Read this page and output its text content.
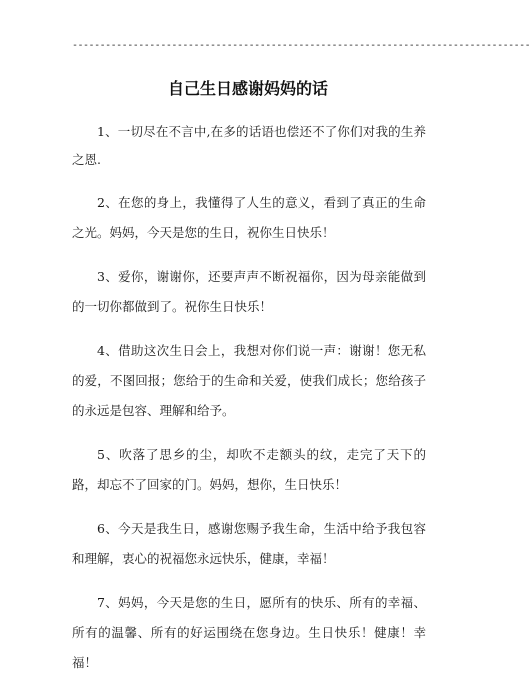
-----------------------------------------------------------------------------------
自己生日感谢妈妈的话

1、一切尽在不言中,在多的话语也偿还不了你们对我的生养之恩.

2、在您的身上，我懂得了人生的意义，看到了真正的生命之光。妈妈，今天是您的生日，祝你生日快乐！

3、爱你，谢谢你，还要声声不断祝福你，因为母亲能做到的一切你都做到了。祝你生日快乐！

4、借助这次生日会上，我想对你们说一声：谢谢！您无私的爱，不图回报；您给于的生命和关爱，使我们成长；您给孩子的永远是包容、理解和给予。

5、吹落了思乡的尘，却吹不走额头的纹，走完了天下的路，却忘不了回家的门。妈妈，想你，生日快乐！

6、今天是我生日，感谢您赐予我生命，生活中给予我包容和理解，衷心的祝福您永远快乐，健康，幸福！

7、妈妈，今天是您的生日，愿所有的快乐、所有的幸福、所有的温馨、所有的好运围绕在您身边。生日快乐！健康！幸福！
